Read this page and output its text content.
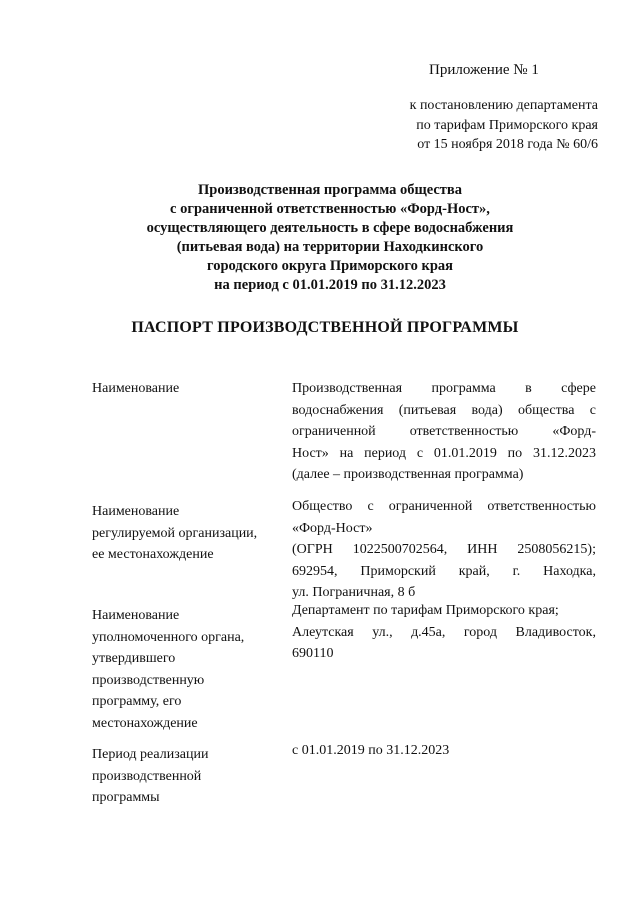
Приложение № 1
к постановлению департамента
по тарифам Приморского края
от 15 ноября 2018 года № 60/6
Производственная программа общества
с ограниченной ответственностью «Форд-Ност»,
осуществляющего деятельность в сфере водоснабжения
(питьевая вода) на территории Находкинского
городского округа Приморского края
на период с 01.01.2019 по 31.12.2023
ПАСПОРТ ПРОИЗВОДСТВЕННОЙ ПРОГРАММЫ
Наименование	Производственная программа в сфере
водоснабжения (питьевая вода) общества с
ограниченной ответственностью «Форд-
Ност» на период с 01.01.2019 по 31.12.2023
(далее – производственная программа)
Наименование
регулируемой организации,
ее местонахождение
Общество с ограниченной ответственностью
«Форд-Ност»
(ОГРН 1022500702564, ИНН 2508056215);
692954, Приморский край, г. Находка,
ул. Пограничная, 8 б
Наименование
уполномоченного органа,
утвердившего
производственную
программу, его
местонахождение
Департамент по тарифам Приморского края;
Алеутская ул., д.45а, город Владивосток,
690110
Период реализации
производственной
программы
с 01.01.2019 по 31.12.2023
